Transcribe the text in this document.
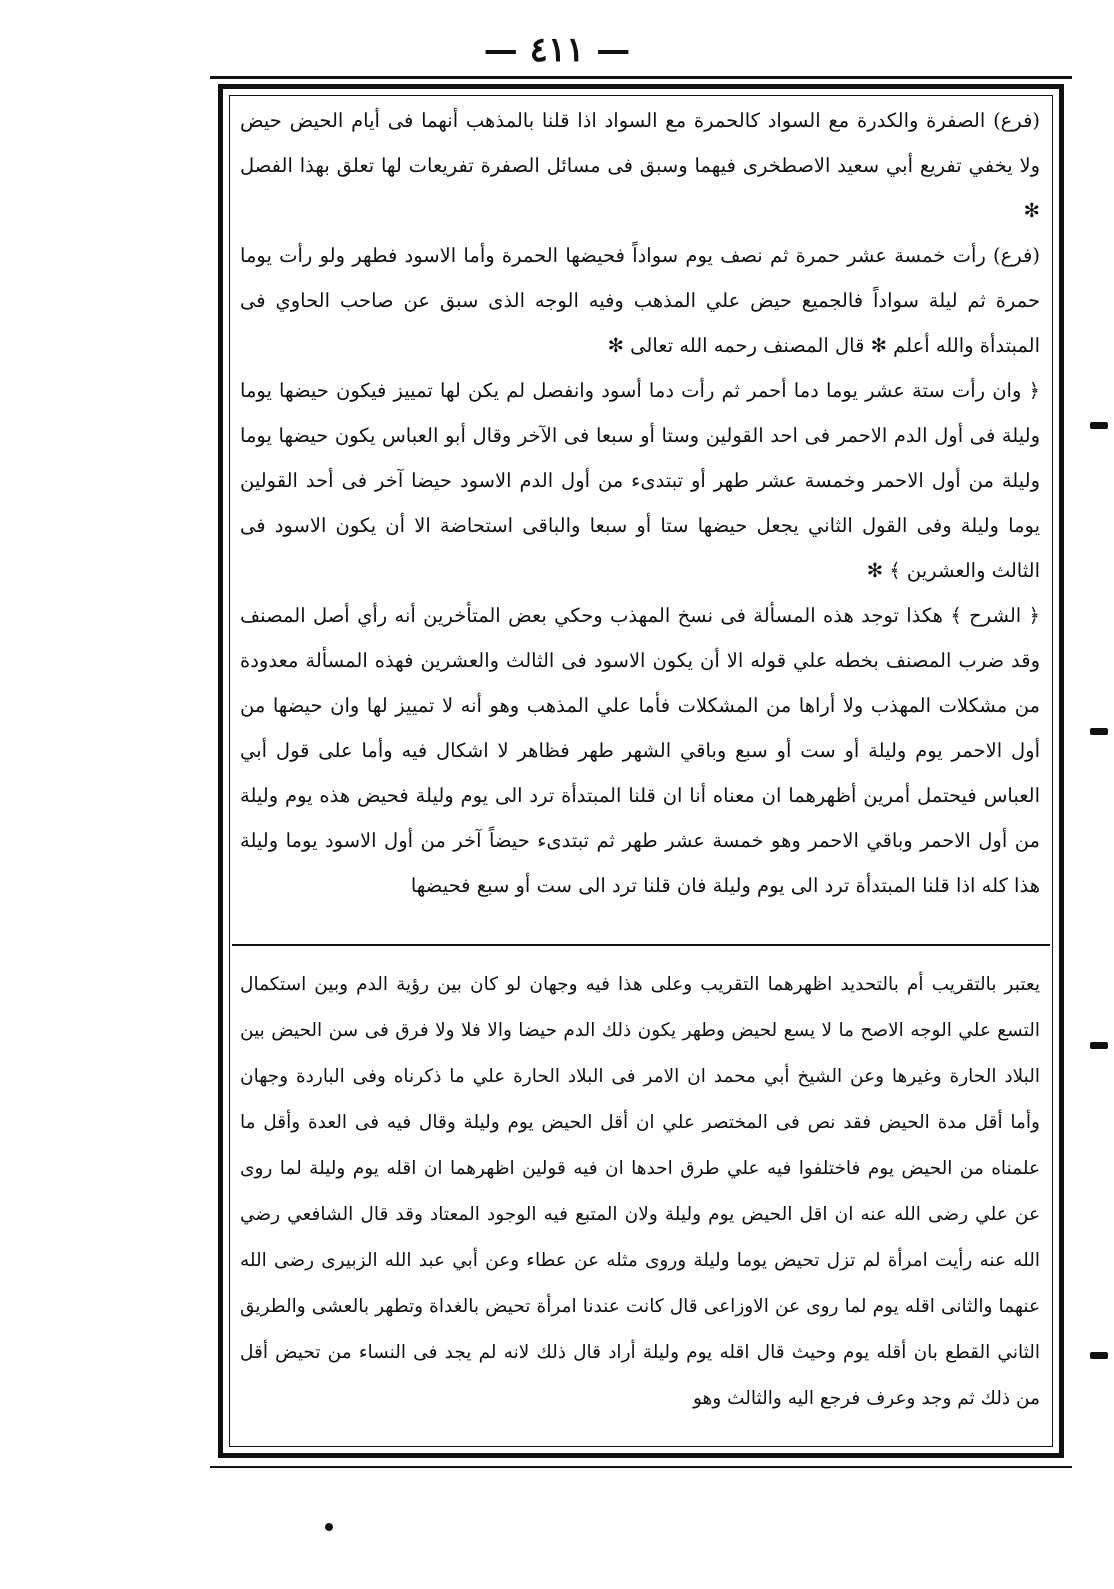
— ٤١١ —

(فرع) الصفرة والكدرة مع السواد كالحمرة مع السواد اذا قلنا بالمذهب أنهما فى أيام الحيض حيض ولا يخفي تفريع أبي سعيد الاصطخرى فيهما وسبق فى مسائل الصفرة تفريعات لها تعلق بهذا الفصل ✻

(فرع) رأت خمسة عشر حمرة ثم نصف يوم سواداً فحيضها الحمرة وأما الاسود فطهر ولو رأت يوما حمرة ثم ليلة سواداً فالجميع حيض علي المذهب وفيه الوجه الذى سبق عن صاحب الحاوي فى المبتدأة والله أعلم ✻ قال المصنف رحمه الله تعالى ✻

﴿ وان رأت ستة عشر يوما دما أحمر ثم رأت دما أسود وانفصل لم يكن لها تمييز فيكون حيضها يوما وليلة فى أول الدم الاحمر فى احد القولين وستا أو سبعا فى الآخر وقال أبو العباس يكون حيضها يوما وليلة من أول الاحمر وخمسة عشر طهر أو تبتدىء من أول الدم الاسود حيضا آخر فى أحد القولين يوما وليلة وفى القول الثاني يجعل حيضها ستا أو سبعا والباقى استحاضة الا أن يكون الاسود فى الثالث والعشرين ﴾ ✻

﴿ الشرح ﴾ هكذا توجد هذه المسألة فى نسخ المهذب وحكي بعض المتأخرين أنه رأي أصل المصنف وقد ضرب المصنف بخطه علي قوله الا أن يكون الاسود فى الثالث والعشرين فهذه المسألة معدودة من مشكلات المهذب ولا أراها من المشكلات فأما علي المذهب وهو أنه لا تمييز لها وان حيضها من أول الاحمر يوم وليلة أو ست أو سبع وباقي الشهر طهر فظاهر لا اشكال فيه وأما على قول أبي العباس فيحتمل أمرين أظهرهما ان معناه أنا ان قلنا المبتدأة ترد الى يوم وليلة فحيض هذه يوم وليلة من أول الاحمر وباقي الاحمر وهو خمسة عشر طهر ثم تبتدىء حيضاً آخر من أول الاسود يوما وليلة هذا كله اذا قلنا المبتدأة ترد الى يوم وليلة فان قلنا ترد الى ست أو سبع فحيضها

يعتبر بالتقريب أم بالتحديد اظهرهما التقريب وعلى هذا فيه وجهان لو كان بين رؤية الدم وبين استكمال التسع علي الوجه الاصح ما لا يسع لحيض وطهر يكون ذلك الدم حيضا والا فلا ولا فرق فى سن الحيض بين البلاد الحارة وغيرها وعن الشيخ أبي محمد ان الامر فى البلاد الحارة علي ما ذكرناه وفى الباردة وجهان وأما أقل مدة الحيض فقد نص فى المختصر علي ان أقل الحيض يوم وليلة وقال فيه فى العدة وأقل ما علمناه من الحيض يوم فاختلفوا فيه علي طرق احدها ان فيه قولين اظهرهما ان اقله يوم وليلة لما روى عن علي رضى الله عنه ان اقل الحيض يوم وليلة ولان المتبع فيه الوجود المعتاد وقد قال الشافعي رضي الله عنه رأيت امرأة لم تزل تحيض يوما وليلة وروى مثله عن عطاء وعن أبي عبد الله الزبيرى رضى الله عنهما والثانى اقله يوم لما روى عن الاوزاعى قال كانت عندنا امرأة تحيض بالغداة وتطهر بالعشى والطريق الثاني القطع بان أقله يوم وحيث قال اقله يوم وليلة أراد قال ذلك لانه لم يجد فى النساء من تحيض أقل من ذلك ثم وجد وعرف فرجع اليه والثالث وهو
